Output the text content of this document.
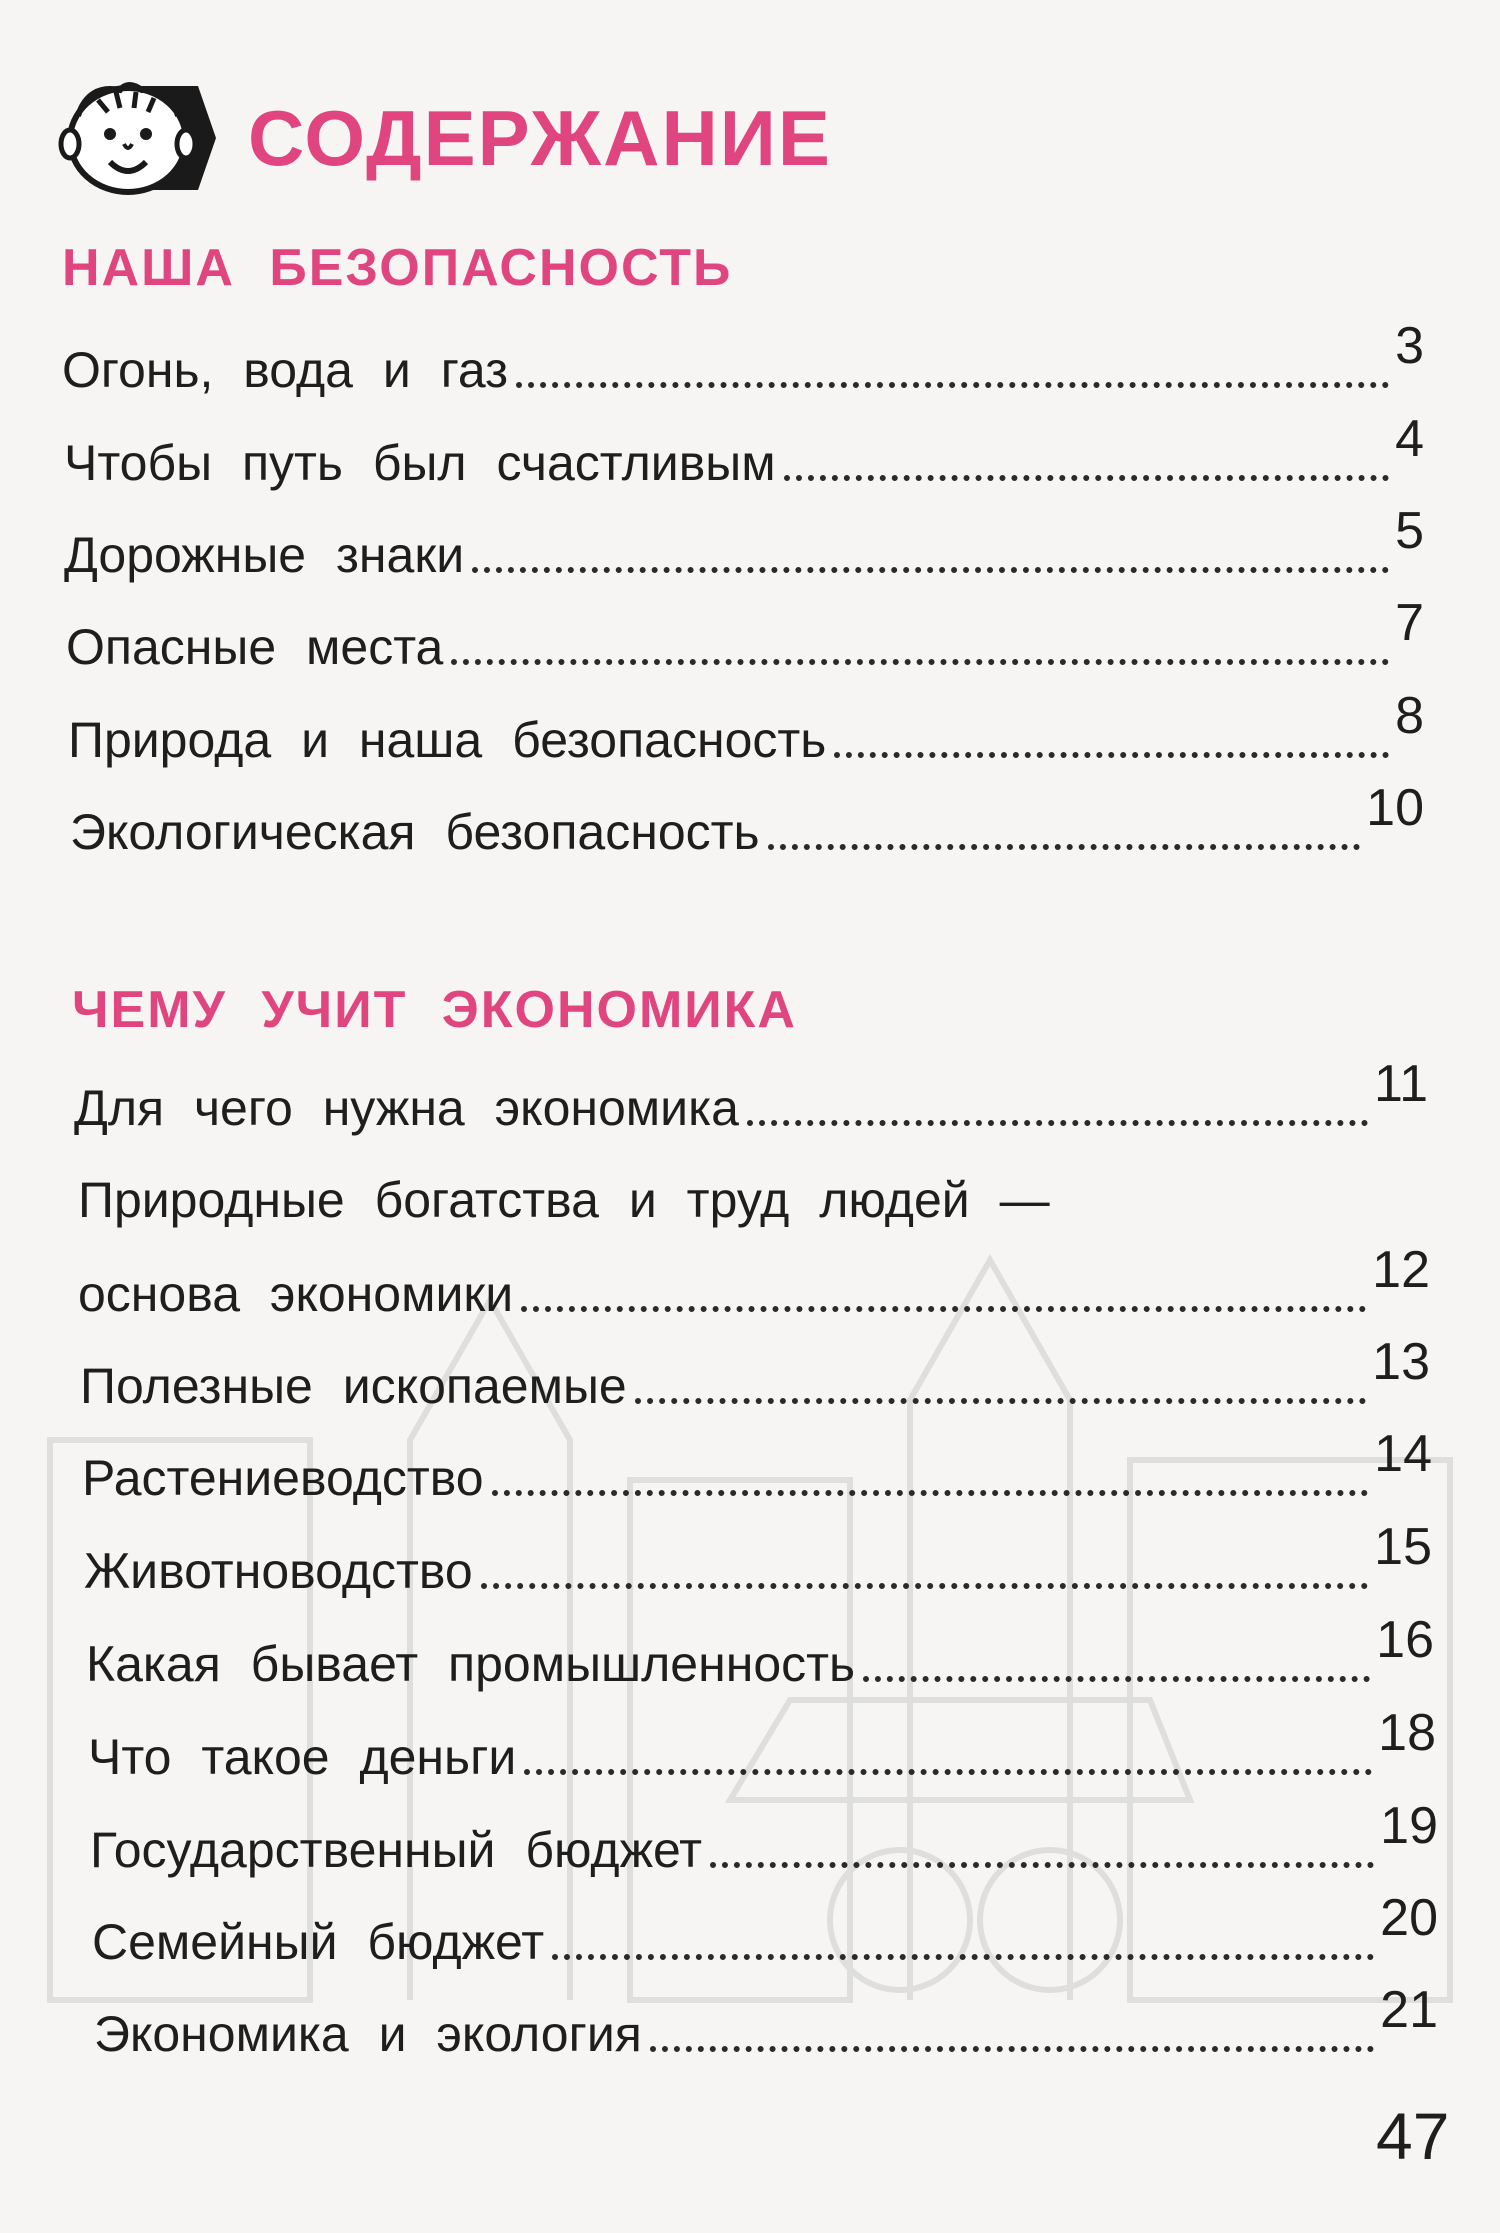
СОДЕРЖАНИЕ
НАША БЕЗОПАСНОСТЬ
Огонь, вода и газ	3
Чтобы путь был счастливым	4
Дорожные знаки	5
Опасные места	7
Природа и наша безопасность	8
Экологическая безопасность	10
ЧЕМУ УЧИТ ЭКОНОМИКА
Для чего нужна экономика	11
Природные богатства и труд людей —
основа экономики	12
Полезные ископаемые	13
Растениеводство	14
Животноводство	15
Какая бывает промышленность	16
Что такое деньги	18
Государственный бюджет	19
Семейный бюджет	20
Экономика и экология	21
47
